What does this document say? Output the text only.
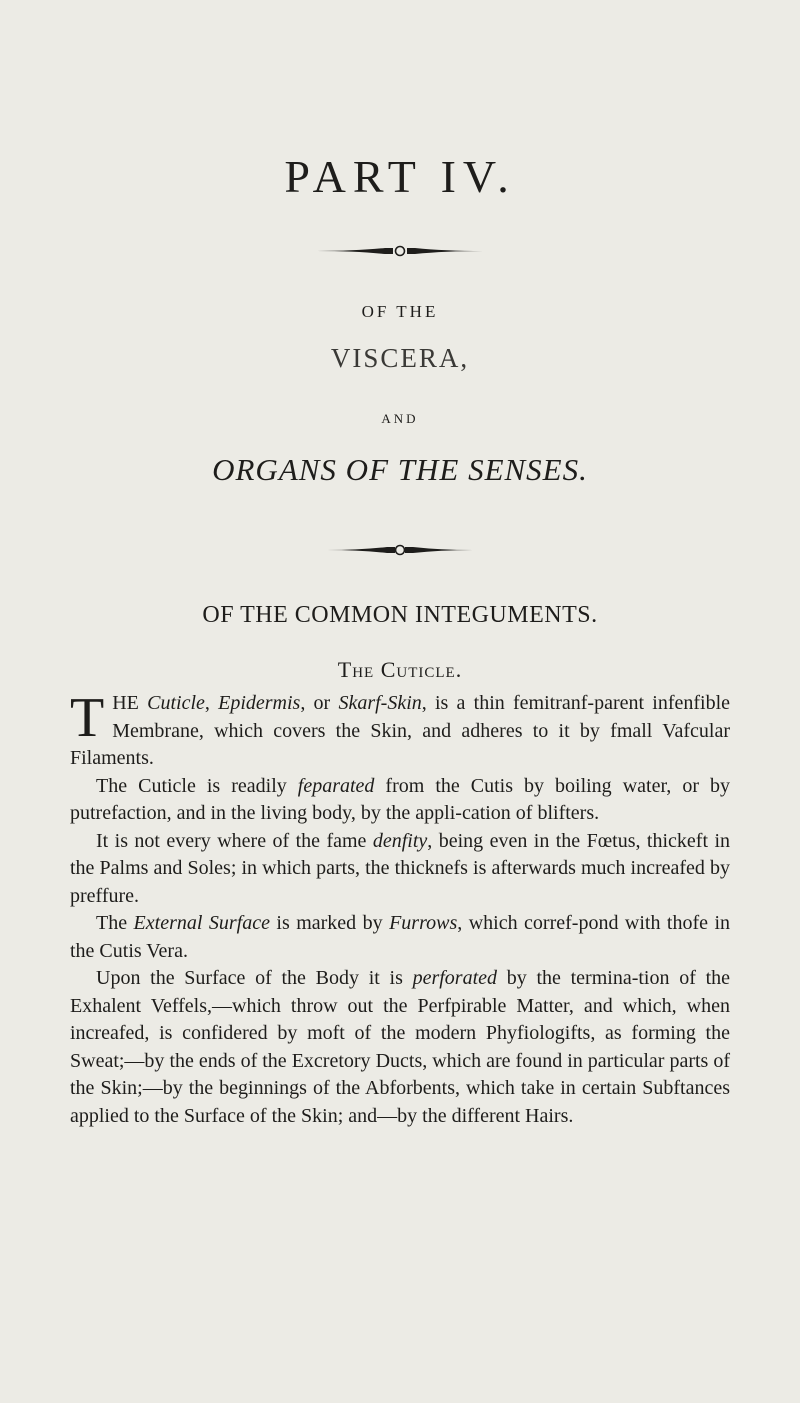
PART IV.
OF THE
VISCERA,
AND
ORGANS OF THE SENSES.
OF THE COMMON INTEGUMENTS.
The Cuticle.

THE Cuticle, Epidermis, or Skarf-Skin, is a thin femitranf-parent infenfible Membrane, which covers the Skin, and adheres to it by fmall Vafcular Filaments.

The Cuticle is readily feparated from the Cutis by boiling water, or by putrefaction, and in the living body, by the appli-cation of blifters.

It is not every where of the fame denfity, being even in the Fœtus, thickeft in the Palms and Soles; in which parts, the thicknefs is afterwards much increafed by preffure.

The External Surface is marked by Furrows, which corref-pond with thofe in the Cutis Vera.

Upon the Surface of the Body it is perforated by the termina-tion of the Exhalent Veffels,—which throw out the Perfpirable Matter, and which, when increafed, is confidered by moft of the modern Phyfiologifts, as forming the Sweat;—by the ends of the Excretory Ducts, which are found in particular parts of the Skin;—by the beginnings of the Abforbents, which take in certain Subftances applied to the Surface of the Skin; and—by the different Hairs.
